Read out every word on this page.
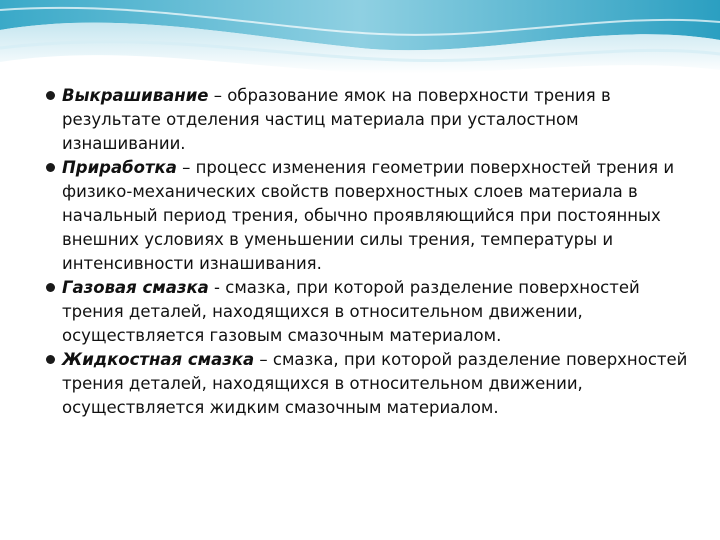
Выкрашивание – образование ямок на поверхности трения в результате отделения частиц материала при усталостном изнашивании.
Приработка – процесс изменения геометрии поверхностей трения и физико-механических свойств поверхностных слоев материала в начальный период трения, обычно проявляющийся при постоянных внешних условиях в уменьшении силы трения, температуры и интенсивности изнашивания.
Газовая смазка - смазка, при которой разделение поверхностей трения деталей, находящихся в относительном движении, осуществляется газовым смазочным материалом.
Жидкостная смазка – смазка, при которой разделение поверхностей трения деталей, находящихся в относительном движении, осуществляется жидким смазочным материалом.
